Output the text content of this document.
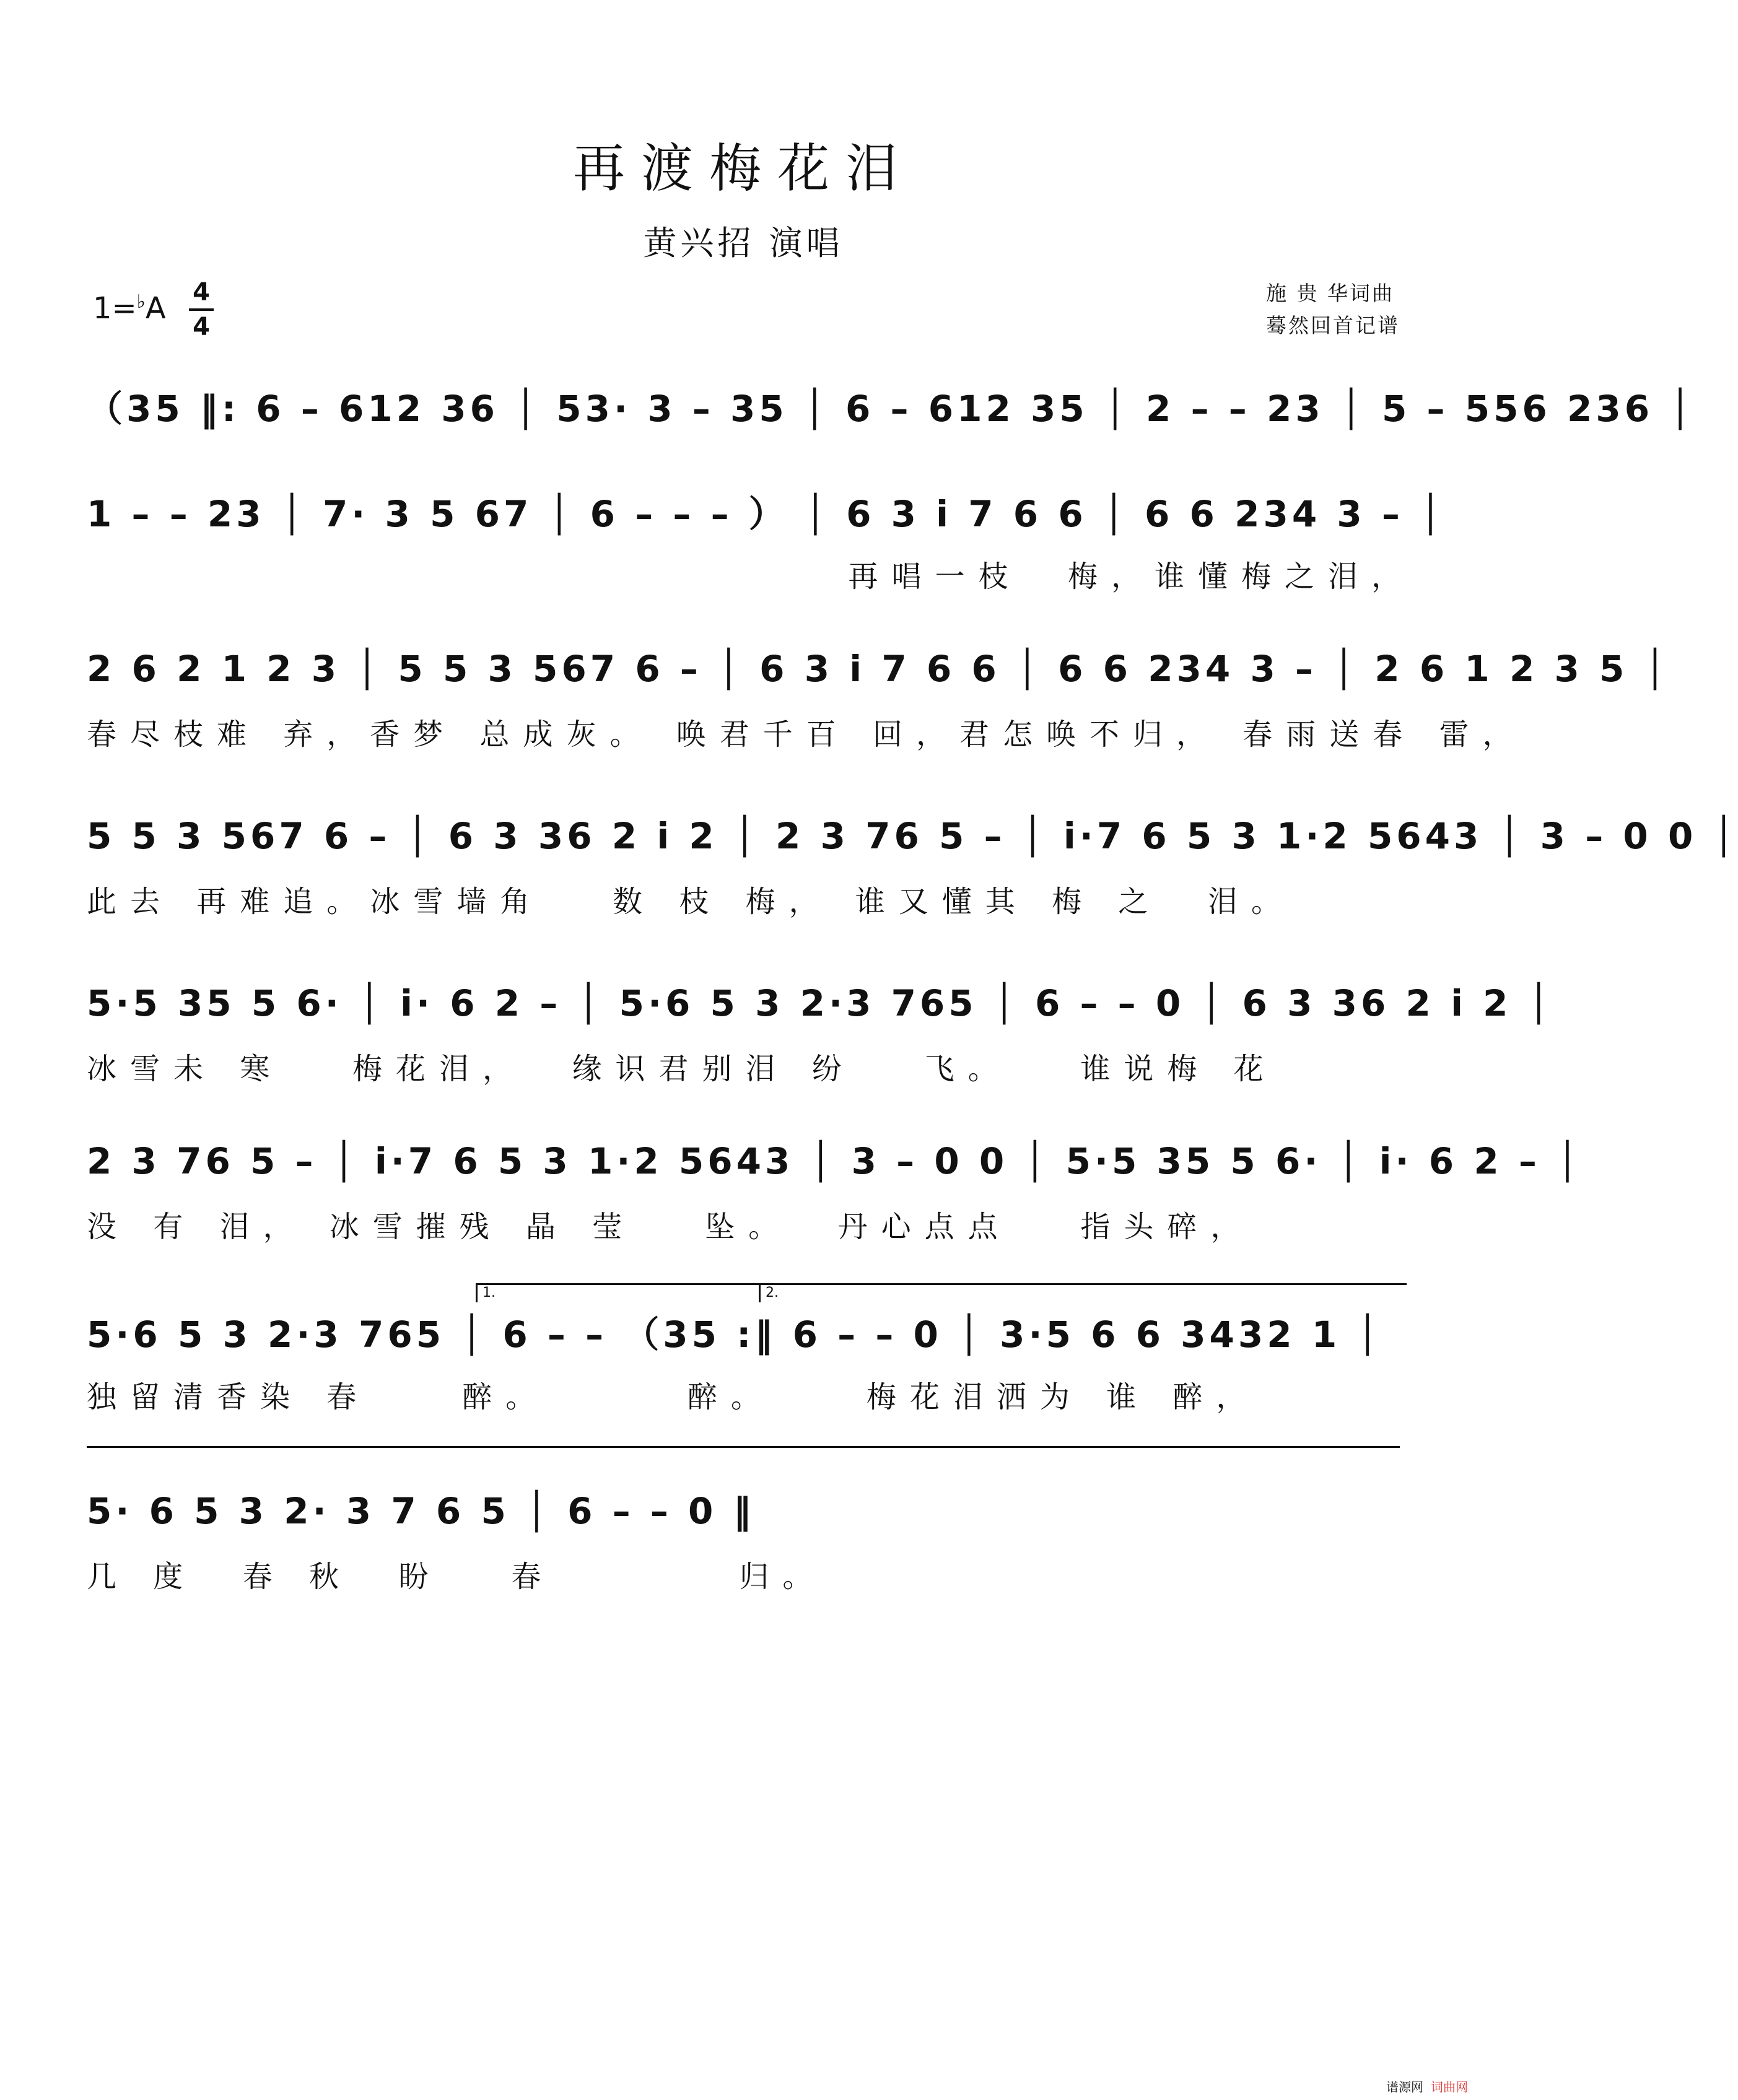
再渡梅花泪
黄兴招 演唱
施 贵 华词曲
蓦然回首记谱
1=♭A 4
4
（35 ‖: 6 – 612 36 │ 53· 3 – 35 │ 6 – 612 35 │ 2 – – 23 │ 5 – 556 236 │
1 – – 23 │ 7· 3 5 67 │ 6 – – – ） │ 6 3 i 7 6 6 │ 6 6 234 3 – │
再唱一枝  梅，谁懂梅之泪，
2 6 2 1 2 3 │ 5 5 3 567 6 – │ 6 3 i 7 6 6 │ 6 6 234 3 – │ 2 6 1 2 3 5 │
春尽枝难 弃，香梦 总成灰。 唤君千百 回，君怎唤不归， 春雨送春 雷，
5 5 3 567 6 – │ 6 3 36 2 i 2 │ 2 3 76 5 – │ i·7 6 5 3 1·2 5643 │ 3 – 0 0 │
此去 再难追。冰雪墙角   数 枝 梅， 谁又懂其 梅 之  泪。
5·5 35 5 6· │ i· 6 2 – │ 5·6 5 3 2·3 765 │ 6 – – 0 │ 6 3 36 2 i 2 │
冰雪未 寒   梅花泪，  缘识君别泪 纷   飞。   谁说梅 花
2 3 76 5 – │ i·7 6 5 3 1·2 5643 │ 3 – 0 0 │ 5·5 35 5 6· │ i· 6 2 – │
没 有 泪， 冰雪摧残 晶 莹   坠。  丹心点点   指头碎，
1.	2.
5·6 5 3 2·3 765 │ 6 – – （35 :‖ 6 – – 0 │ 3·5 6 6 3432 1 │
独留清香染 春    醉。      醉。    梅花泪洒为 谁 醉，
5· 6 5 3 2· 3 7 6 5 │ 6 – – 0 ‖
几 度  春 秋  盼   春        归。
谱源网 词曲网
